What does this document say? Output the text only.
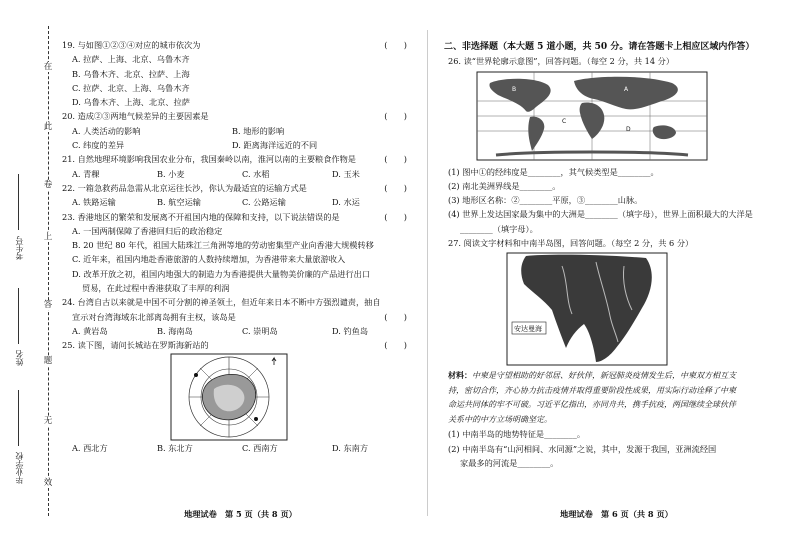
在
此
卷
上
答
题
无
效
考生号
姓名
毕业学校
19. 与如图①②③④对应的城市依次为	(　　)
A. 拉萨、上海、北京、乌鲁木齐
B. 乌鲁木齐、北京、拉萨、上海
C. 拉萨、北京、上海、乌鲁木齐
D. 乌鲁木齐、上海、北京、拉萨
20. 造成②③两地气候差异的主要因素是	(　　)
A. 人类活动的影响	B. 地形的影响
C. 纬度的差异	D. 距离海洋远近的不同
21. 自然地理环境影响我国农业分布，我国秦岭以南，淮河以南的主要粮食作物是	(　　)
A. 青稞	B. 小麦	C. 水稻	D. 玉米
22. 一箱急救药品急需从北京运往长沙，你认为最适宜的运输方式是	(　　)
A. 铁路运输	B. 航空运输	C. 公路运输	D. 水运
23. 香港地区的繁荣和发展离不开祖国内地的保障和支持，以下说法错误的是	(　　)
A. 一国两制保障了香港回归后的政治稳定
B. 20 世纪 80 年代，祖国大陆珠江三角洲等地的劳动密集型产业向香港大规模转移
C. 近年来，祖国内地赴香港旅游的人数持续增加，为香港带来大量旅游收入
D. 改革开放之初，祖国内地强大的制造力为香港提供大量物美价廉的产品进行出口
贸易，在此过程中香港获取了丰厚的利润
24. 台湾自古以来就是中国不可分割的神圣领土，但近年来日本不断中方强烈谴责，抽自
宣示对台湾海域东北部离岛拥有主权，该岛是	(　　)
A. 黄岩岛	B. 海南岛	C. 崇明岛	D. 钓鱼岛
25. 读下图，请问长城站在罗斯海新站的	(　　)
A. 西北方	B. 东北方	C. 西南方	D. 东南方
地理试卷　第 5 页（共 8 页）
二、非选择题（本大题 5 道小题，共 50 分。请在答题卡上相应区域内作答）
26. 读“世界轮廓示意图”，回答问题。（每空 2 分，共 14 分）
A
B
C
D
(1) 图中①的经纬度是________，其气候类型是________。
(2) 南北美洲界线是________。
(3) 地形区名称：②________平原，③________山脉。
(4) 世界上发达国家最为集中的大洲是________（填字母），世界上面积最大的大洋是
________（填字母）。
27. 阅读文字材料和中南半岛图，回答问题。（每空 2 分，共 6 分）
安达曼海
材料：中柬是守望相助的好邻居、好伙伴，新冠肺炎疫情发生后，中柬双方相互支
持，密切合作，齐心协力抗击疫情并取得重要阶段性成果，用实际行动诠释了中柬
命运共同体的牢不可破。习近平亿指出，亦同舟共，携手抗疫，两国继续全球伙伴
关系中的中方立场明确坚定。
(1) 中南半岛的地势特征是________。
(2) 中南半岛有“山河相间、水同源”之说，其中，发源于我国，亚洲流经国
家最多的河流是________。
地理试卷　第 6 页（共 8 页）
